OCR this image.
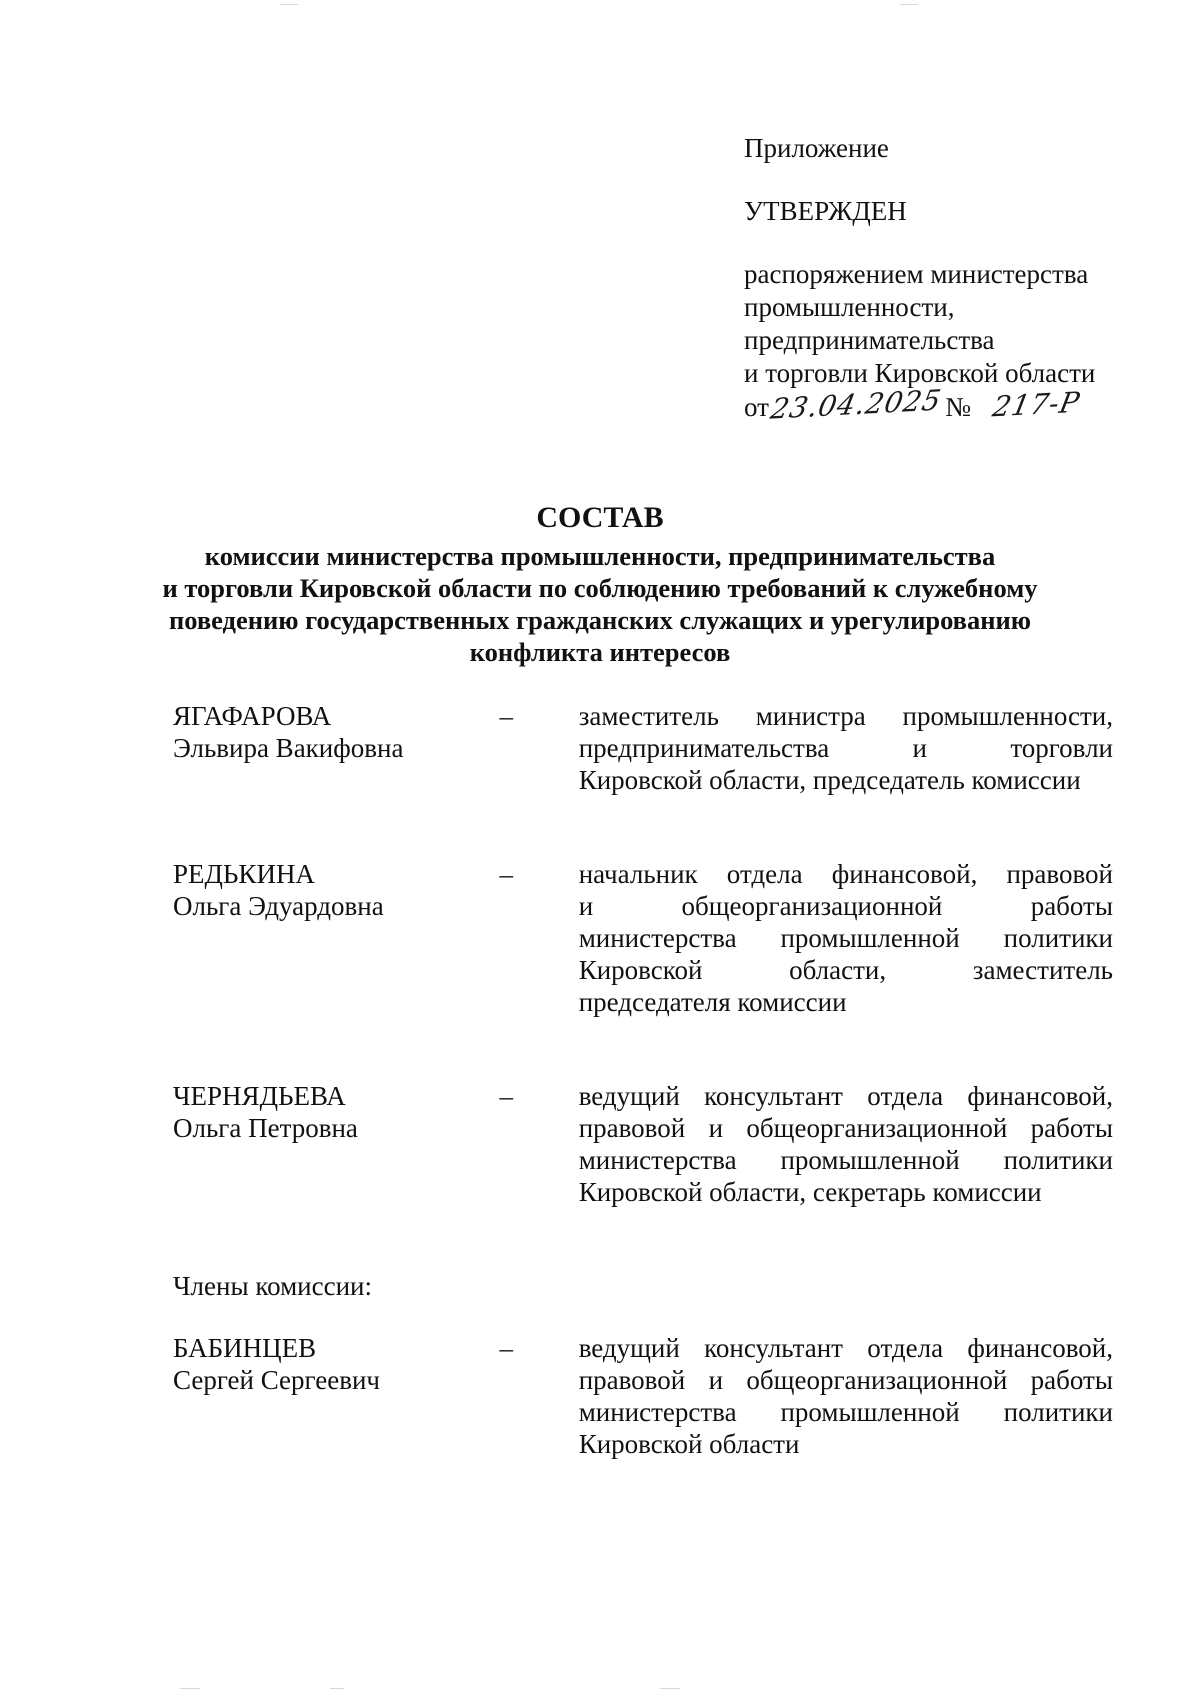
Приложение

УТВЕРЖДЕН

распоряжением министерства
промышленности,
предпринимательства
и торговли Кировской области

от23.04.2025№ 217-Р

СОСТАВ

комиссии министерства промышленности, предпринимательства
и торговли Кировской области по соблюдению требований к служебному
поведению государственных гражданских служащих и урегулированию
конфликта интересов

ЯГАФАРОВА
Эльвира Вакифовна
–	заместитель министра промышленности,
предпринимательства и торговли
Кировской области, председатель комиссии
РЕДЬКИНА
Ольга Эдуардовна
–	начальник отдела финансовой, правовой
и общеорганизационной работы
министерства промышленной политики
Кировской области, заместитель
председателя комиссии
ЧЕРНЯДЬЕВА
Ольга Петровна
–	ведущий консультант отдела финансовой,
правовой и общеорганизационной работы
министерства промышленной политики
Кировской области, секретарь комиссии

Члены комиссии:

БАБИНЦЕВ
Сергей Сергеевич
–	ведущий консультант отдела финансовой,
правовой и общеорганизационной работы
министерства промышленной политики
Кировской области
